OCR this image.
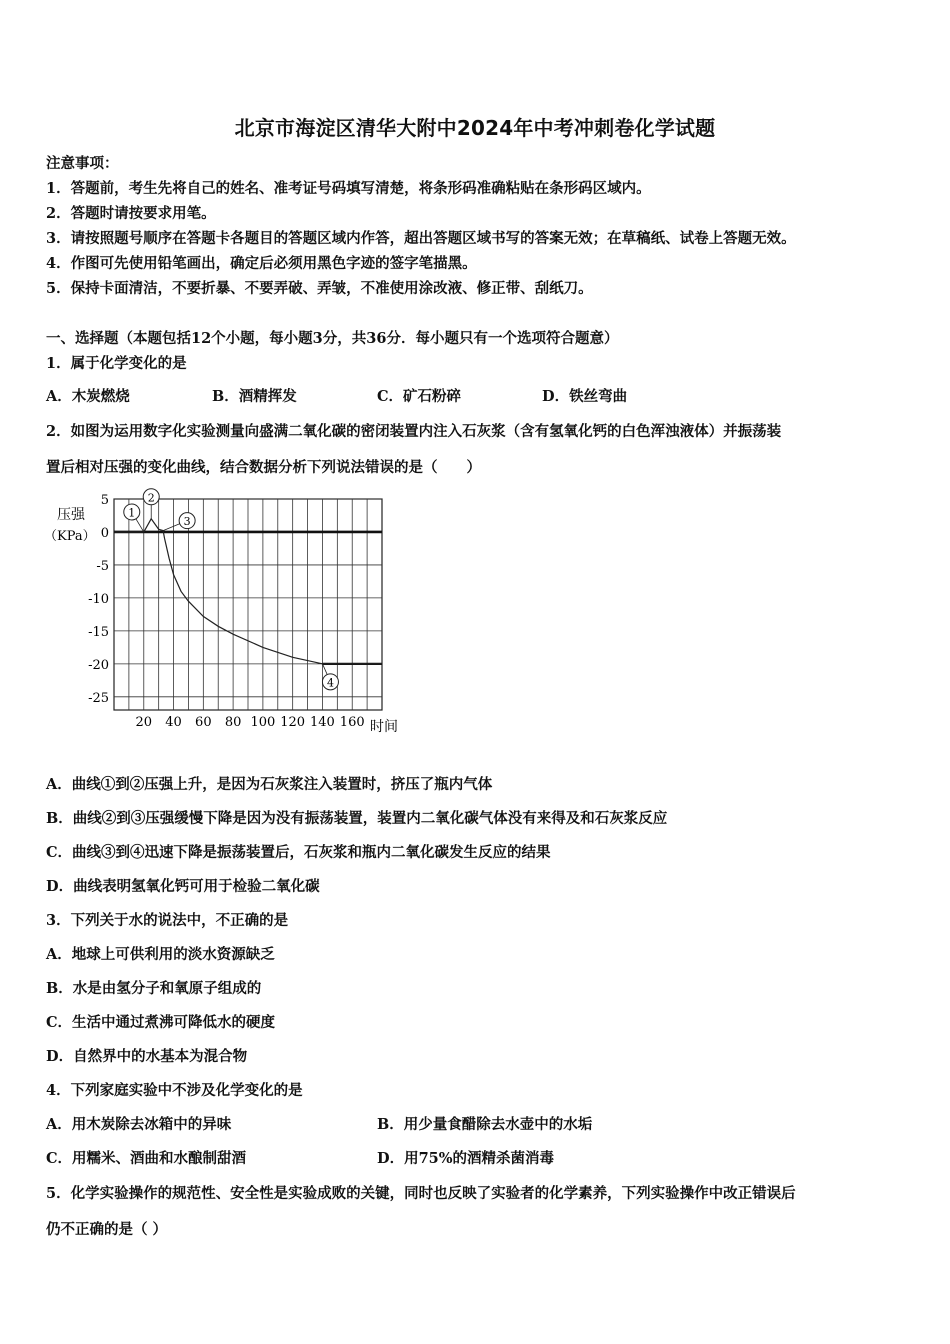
北京市海淀区清华大附中2024年中考冲刺卷化学试题
注意事项：
1．答题前，考生先将自己的姓名、准考证号码填写清楚，将条形码准确粘贴在条形码区域内。
2．答题时请按要求用笔。
3．请按照题号顺序在答题卡各题目的答题区域内作答，超出答题区域书写的答案无效；在草稿纸、试卷上答题无效。
4．作图可先使用铅笔画出，确定后必须用黑色字迹的签字笔描黑。
5．保持卡面清洁，不要折暴、不要弄破、弄皱，不准使用涂改液、修正带、刮纸刀。
一、选择题（本题包括12个小题，每小题3分，共36分．每小题只有一个选项符合题意）
1．属于化学变化的是
A．木炭燃烧	B．酒精挥发	C．矿石粉碎	D．铁丝弯曲
2．如图为运用数字化实验测量向盛满二氧化碳的密闭装置内注入石灰浆（含有氢氧化钙的白色浑浊液体）并振荡装
置后相对压强的变化曲线，结合数据分析下列说法错误的是（　　）
5
0
-5
-10
-15
-20
-25
20 40 60 80 100 120 140 160
1
2
3
4
压强
（KPa）
时间
A．曲线①到②压强上升，是因为石灰浆注入装置时，挤压了瓶内气体
B．曲线②到③压强缓慢下降是因为没有振荡装置，装置内二氧化碳气体没有来得及和石灰浆反应
C．曲线③到④迅速下降是振荡装置后，石灰浆和瓶内二氧化碳发生反应的结果
D．曲线表明氢氧化钙可用于检验二氧化碳
3．下列关于水的说法中，不正确的是
A．地球上可供利用的淡水资源缺乏
B．水是由氢分子和氧原子组成的
C．生活中通过煮沸可降低水的硬度
D．自然界中的水基本为混合物
4．下列家庭实验中不涉及化学变化的是
A．用木炭除去冰箱中的异味	B．用少量食醋除去水壶中的水垢
C．用糯米、酒曲和水酿制甜酒	D．用75%的酒精杀菌消毒
5．化学实验操作的规范性、安全性是实验成败的关键，同时也反映了实验者的化学素养，下列实验操作中改正错误后
仍不正确的是（ ）
